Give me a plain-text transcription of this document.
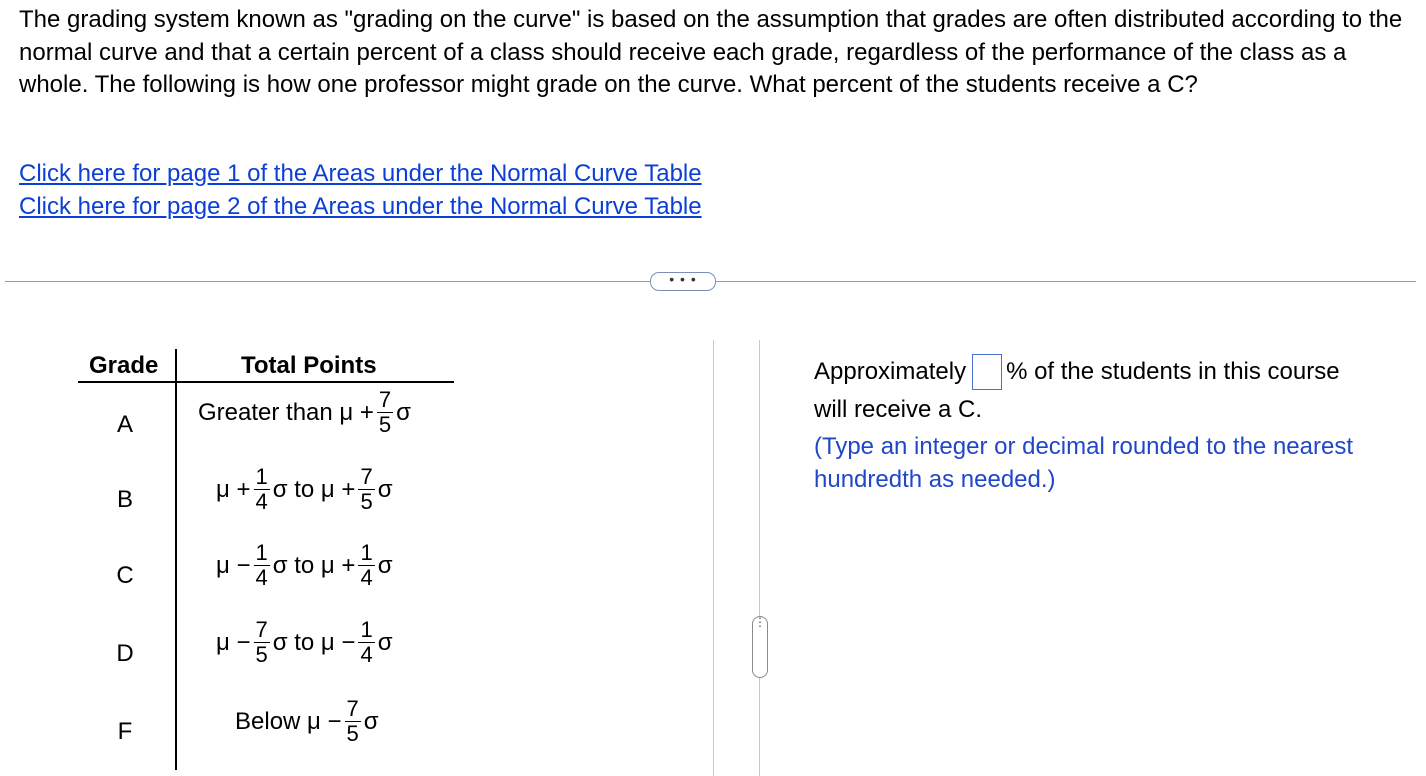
The grading system known as "grading on the curve" is based on the assumption that grades are often distributed according to the normal curve and that a certain percent of a class should receive each grade, regardless of the performance of the class as a whole. The following is how one professor might grade on the curve. What percent of the students receive a C?

Click here for page 1 of the Areas under the Normal Curve Table
Click here for page 2 of the Areas under the Normal Curve Table
• • •
Grade	Total Points
A	Greater than $\mu + \frac{7}{5}$ σ
B	$\mu + \frac{1}{4}$ σ to $\mu + \frac{7}{5}$ σ
C	$\mu - \frac{1}{4}$ σ to $\mu + \frac{1}{4}$ σ
D	$\mu - \frac{7}{5}$ σ to $\mu - \frac{1}{4}$ σ
F	Below $\mu - \frac{7}{5}$ σ
⋮
Approximately % of the students in this course
will receive a C.
(Type an integer or decimal rounded to the nearest hundredth as needed.)
